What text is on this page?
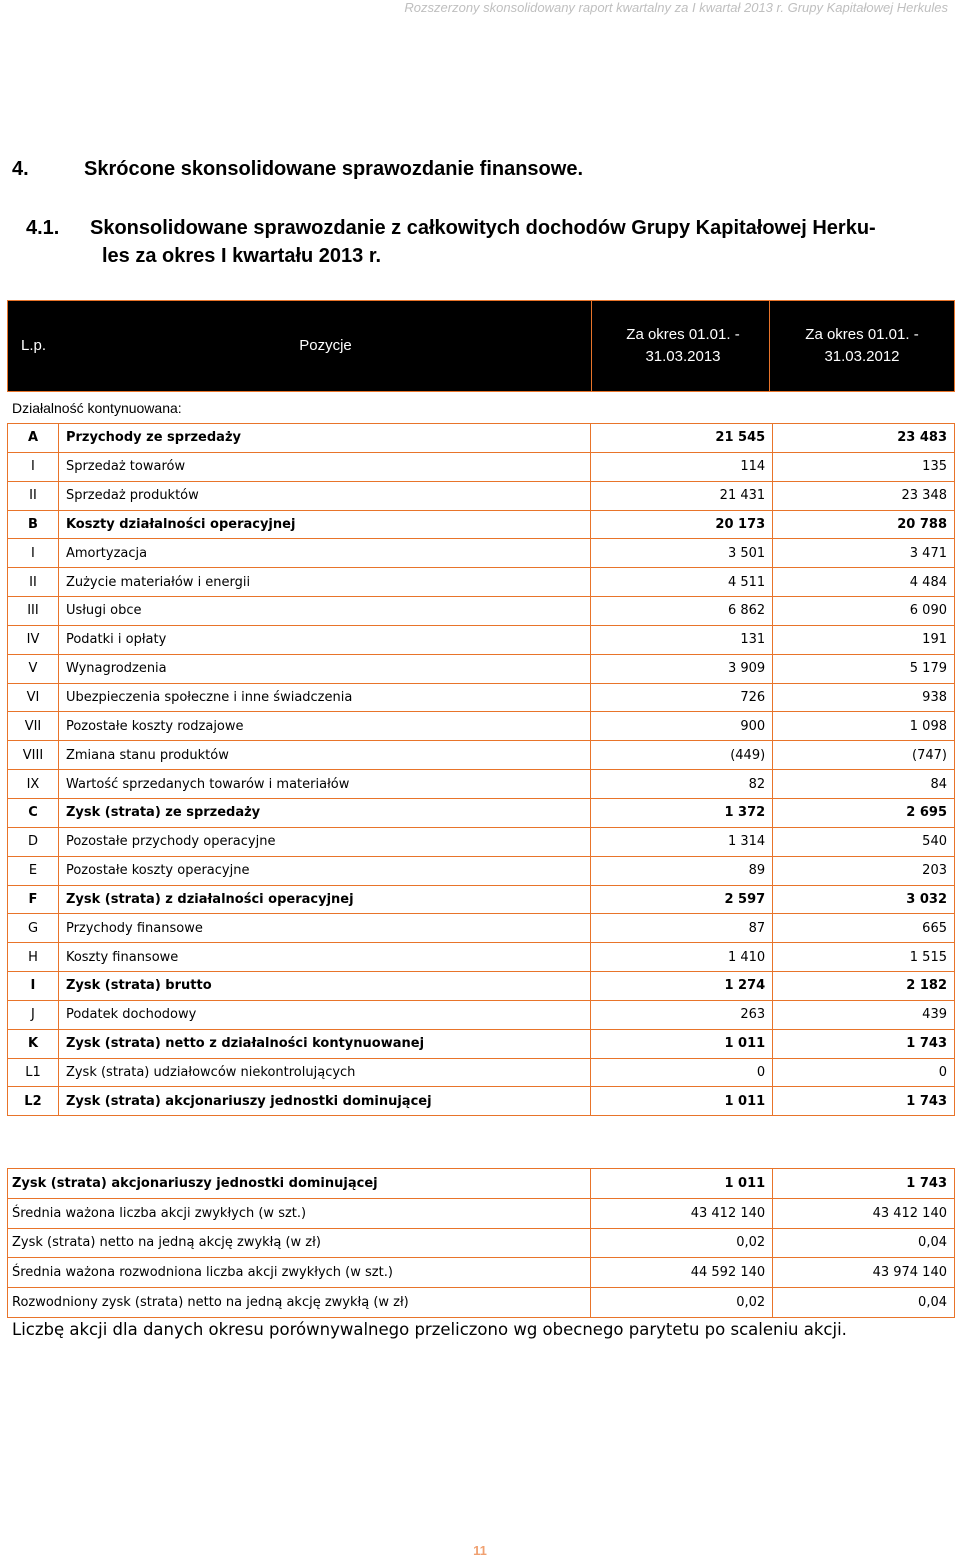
Rozszerzony skonsolidowany raport kwartalny za I kwartał 2013 r. Grupy Kapitałowej Herkules
4.	Skrócone skonsolidowane sprawozdanie finansowe.
4.1. Skonsolidowane sprawozdanie z całkowitych dochodów Grupy Kapitałowej Herku-
les za okres I kwartału 2013 r.
L.p.	Pozycje
Za okres 01.01. -
31.03.2013
Za okres 01.01. -
31.03.2012
Działalność kontynuowana:
A	Przychody ze sprzedaży	21 545	23 483
I	Sprzedaż towarów	114	135
II	Sprzedaż produktów	21 431	23 348
B	Koszty działalności operacyjnej	20 173	20 788
I	Amortyzacja	3 501	3 471
II	Zużycie materiałów i energii	4 511	4 484
III	Usługi obce	6 862	6 090
IV	Podatki i opłaty	131	191
V	Wynagrodzenia	3 909	5 179
VI	Ubezpieczenia społeczne i inne świadczenia	726	938
VII	Pozostałe koszty rodzajowe	900	1 098
VIII	Zmiana stanu produktów	(449)	(747)
IX	Wartość sprzedanych towarów i materiałów	82	84
C	Zysk (strata) ze sprzedaży	1 372	2 695
D	Pozostałe przychody operacyjne	1 314	540
E	Pozostałe koszty operacyjne	89	203
F	Zysk (strata) z działalności operacyjnej	2 597	3 032
G	Przychody finansowe	87	665
H	Koszty finansowe	1 410	1 515
I	Zysk (strata) brutto	1 274	2 182
J	Podatek dochodowy	263	439
K	Zysk (strata) netto z działalności kontynuowanej	1 011	1 743
L1	Zysk (strata) udziałowców niekontrolujących	0	0
L2	Zysk (strata) akcjonariuszy jednostki dominującej	1 011	1 743
Zysk (strata) akcjonariuszy jednostki dominującej	1 011	1 743
Średnia ważona liczba akcji zwykłych (w szt.)	43 412 140	43 412 140
Zysk (strata) netto na jedną akcję zwykłą (w zł)	0,02	0,04
Średnia ważona rozwodniona liczba akcji zwykłych (w szt.)	44 592 140	43 974 140
Rozwodniony zysk (strata) netto na jedną akcję zwykłą (w zł)	0,02	0,04
Liczbę akcji dla danych okresu porównywalnego przeliczono wg obecnego parytetu po scaleniu akcji.
11
